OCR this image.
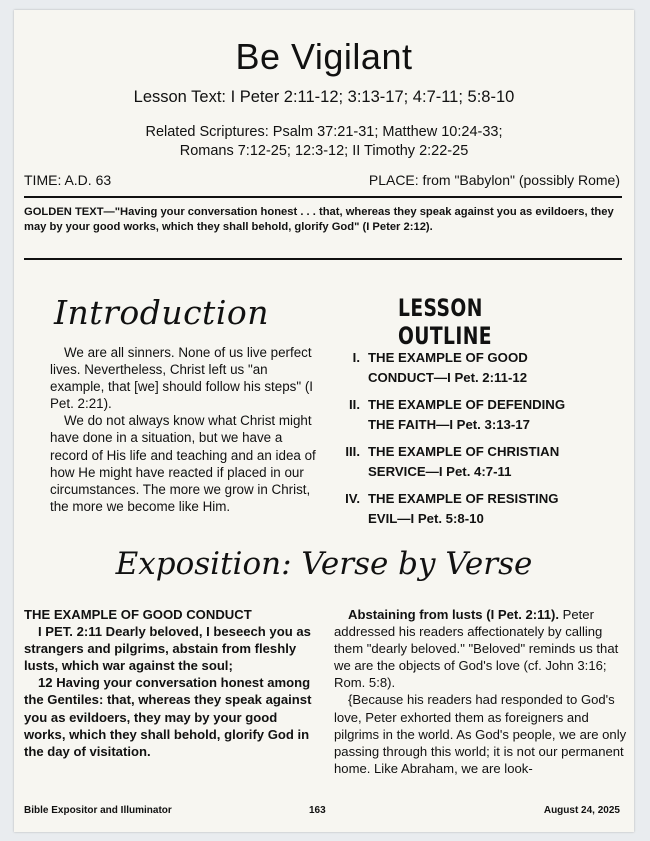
Be Vigilant
Lesson Text: I Peter 2:11-12; 3:13-17; 4:7-11; 5:8-10
Related Scriptures: Psalm 37:21-31; Matthew 10:24-33;
Romans 7:12-25; 12:3-12; II Timothy 2:22-25
TIME: A.D. 63	PLACE: from "Babylon" (possibly Rome)
GOLDEN TEXT—"Having your conversation honest . . . that, whereas they speak against you as evildoers, they may by your good works, which they shall behold, glorify God" (I Peter 2:12).
Introduction	LESSON OUTLINE

We are all sinners. None of us live perfect lives. Nevertheless, Christ left us "an example, that [we] should follow his steps" (I Pet. 2:21).

We do not always know what Christ might have done in a situation, but we have a record of His life and teaching and an idea of how He might have reacted if placed in our circumstances. The more we grow in Christ, the more we become like Him.

I. THE EXAMPLE OF GOOD
CONDUCT—I Pet. 2:11-12
II. THE EXAMPLE OF DEFENDING
THE FAITH—I Pet. 3:13-17
III. THE EXAMPLE OF CHRISTIAN
SERVICE—I Pet. 4:7-11
IV. THE EXAMPLE OF RESISTING
EVIL—I Pet. 5:8-10
Exposition: Verse by Verse

THE EXAMPLE OF GOOD CONDUCT

I PET. 2:11 Dearly beloved, I beseech you as strangers and pilgrims, abstain from fleshly lusts, which war against the soul;

12 Having your conversation honest among the Gentiles: that, whereas they speak against you as evildoers, they may by your good works, which they shall behold, glorify God in the day of visitation.

Abstaining from lusts (I Pet. 2:11). Peter addressed his readers affectionately by calling them "dearly beloved." "Beloved" reminds us that we are the objects of God's love (cf. John 3:16; Rom. 5:8).

{Because his readers had responded to God's love, Peter exhorted them as foreigners and pilgrims in the world. As God's people, we are only passing through this world; it is not our permanent home. Like Abraham, we are look-

Bible Expositor and Illuminator	163	August 24, 2025
